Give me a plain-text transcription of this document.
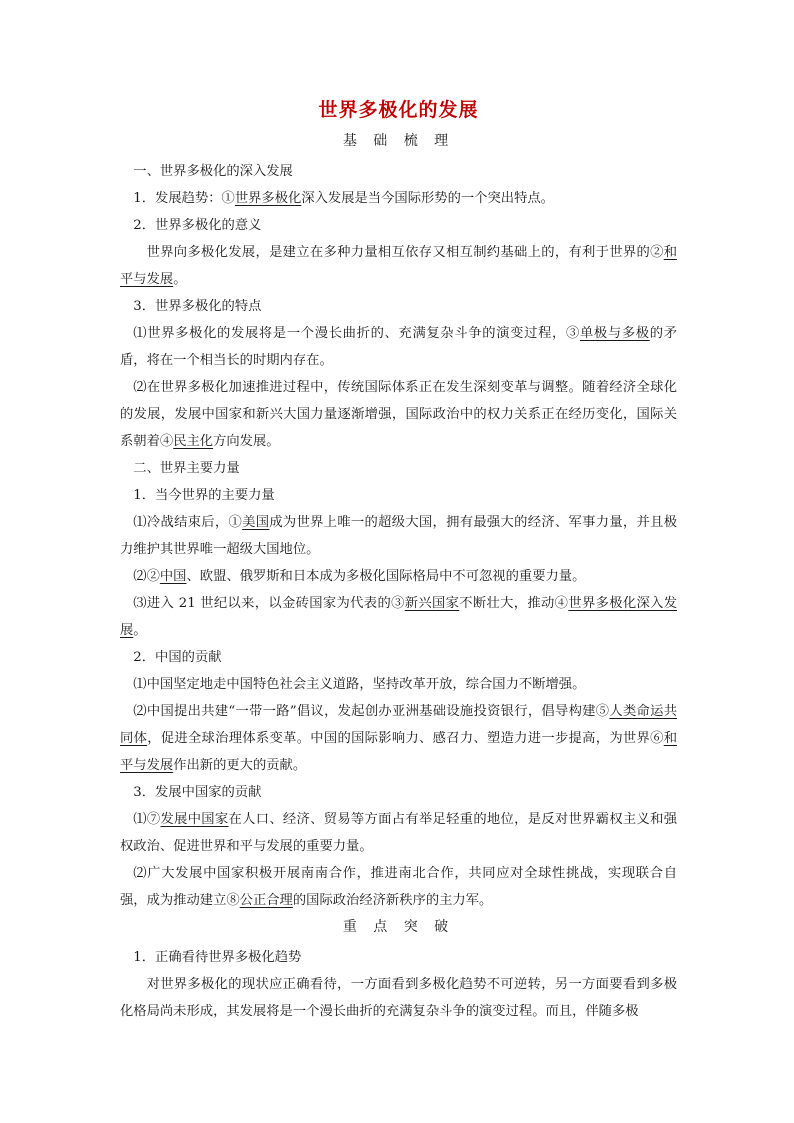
世界多极化的发展
基 础 梳 理

一、世界多极化的深入发展

1．发展趋势：①世界多极化深入发展是当今国际形势的一个突出特点。

2．世界多极化的意义

世界向多极化发展，是建立在多种力量相互依存又相互制约基础上的，有利于世界的②和平与发展。

3．世界多极化的特点

⑴世界多极化的发展将是一个漫长曲折的、充满复杂斗争的演变过程，③单极与多极的矛盾，将在一个相当长的时期内存在。

⑵在世界多极化加速推进过程中，传统国际体系正在发生深刻变革与调整。随着经济全球化的发展，发展中国家和新兴大国力量逐渐增强，国际政治中的权力关系正在经历变化，国际关系朝着④民主化方向发展。

二、世界主要力量

1．当今世界的主要力量

⑴冷战结束后，①美国成为世界上唯一的超级大国，拥有最强大的经济、军事力量，并且极力维护其世界唯一超级大国地位。

⑵②中国、欧盟、俄罗斯和日本成为多极化国际格局中不可忽视的重要力量。

⑶进入 21 世纪以来，以金砖国家为代表的③新兴国家不断壮大，推动④世界多极化深入发展。

2．中国的贡献

⑴中国坚定地走中国特色社会主义道路，坚持改革开放，综合国力不断增强。

⑵中国提出共建“一带一路”倡议，发起创办亚洲基础设施投资银行，倡导构建⑤人类命运共同体，促进全球治理体系变革。中国的国际影响力、感召力、塑造力进一步提高，为世界⑥和平与发展作出新的更大的贡献。

3．发展中国家的贡献

⑴⑦发展中国家在人口、经济、贸易等方面占有举足轻重的地位，是反对世界霸权主义和强权政治、促进世界和平与发展的重要力量。

⑵广大发展中国家积极开展南南合作，推进南北合作，共同应对全球性挑战，实现联合自强，成为推动建立⑧公正合理的国际政治经济新秩序的主力军。

重 点 突 破

1．正确看待世界多极化趋势

对世界多极化的现状应正确看待，一方面看到多极化趋势不可逆转，另一方面要看到多极化格局尚未形成，其发展将是一个漫长曲折的充满复杂斗争的演变过程。而且，伴随多极
